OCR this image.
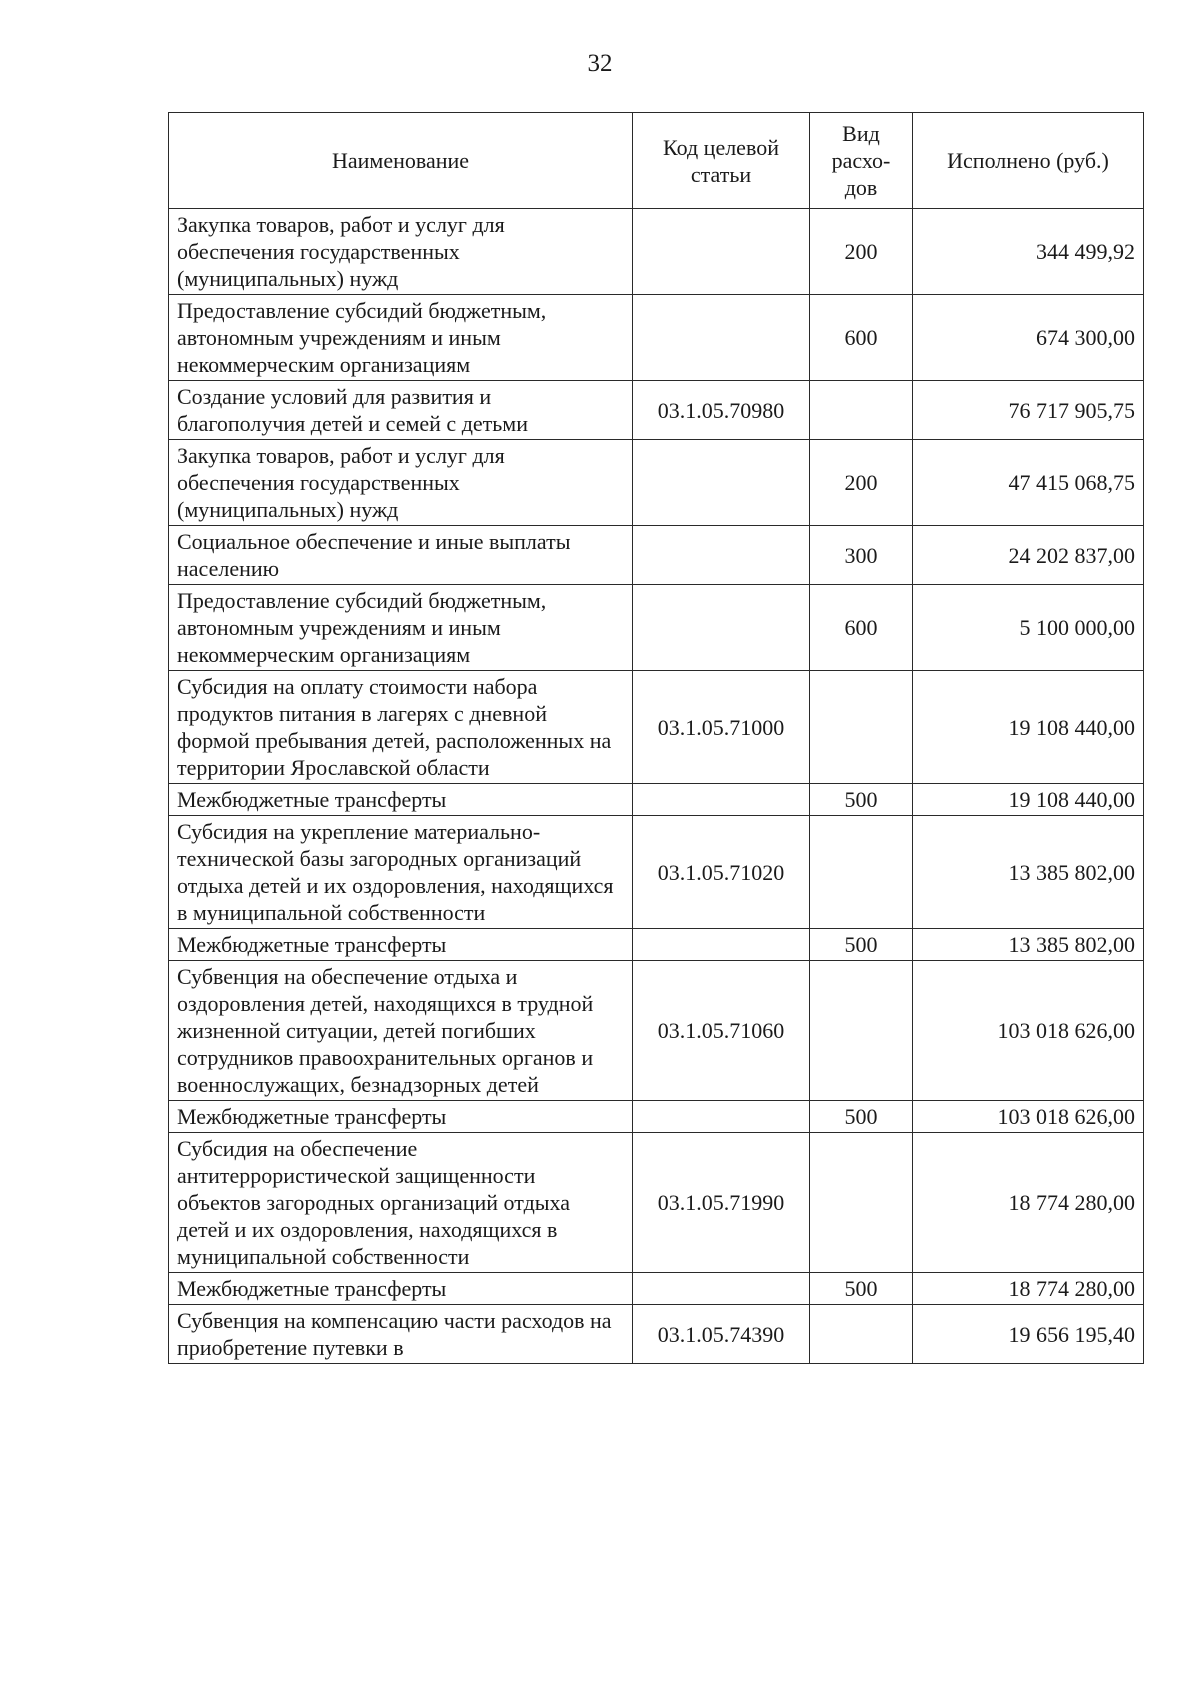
32
Наименование	Код целевой статьи	Вид расхо-дов	Исполнено (руб.)
Закупка товаров, работ и услуг для обеспечения государственных (муниципальных) нужд		200	344 499,92
Предоставление субсидий бюджетным, автономным учреждениям и иным некоммерческим организациям		600	674 300,00
Создание условий для развития и благополучия детей и семей с детьми	03.1.05.70980		76 717 905,75
Закупка товаров, работ и услуг для обеспечения государственных (муниципальных) нужд		200	47 415 068,75
Социальное обеспечение и иные выплаты населению		300	24 202 837,00
Предоставление субсидий бюджетным, автономным учреждениям и иным некоммерческим организациям		600	5 100 000,00
Субсидия на оплату стоимости набора продуктов питания в лагерях с дневной формой пребывания детей, расположенных на территории Ярославской области	03.1.05.71000		19 108 440,00
Межбюджетные трансферты		500	19 108 440,00
Субсидия на укрепление материально-технической базы загородных организаций отдыха детей и их оздоровления, находящихся в муниципальной собственности	03.1.05.71020		13 385 802,00
Межбюджетные трансферты		500	13 385 802,00
Субвенция на обеспечение отдыха и оздоровления детей, находящихся в трудной жизненной ситуации, детей погибших сотрудников правоохранительных органов и военнослужащих, безнадзорных детей	03.1.05.71060		103 018 626,00
Межбюджетные трансферты		500	103 018 626,00
Субсидия на обеспечение антитеррористической защищенности объектов загородных организаций отдыха детей и их оздоровления, находящихся в муниципальной собственности	03.1.05.71990		18 774 280,00
Межбюджетные трансферты		500	18 774 280,00
Субвенция на компенсацию части расходов на приобретение путевки в	03.1.05.74390		19 656 195,40
